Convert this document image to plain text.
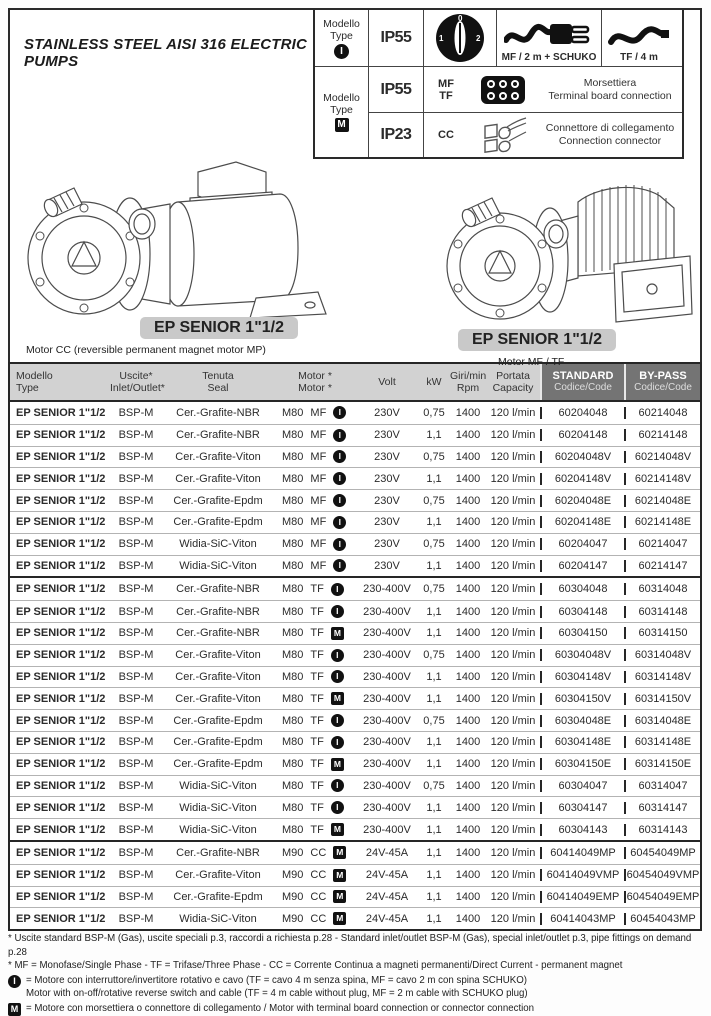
STAINLESS STEEL AISI 316 ELECTRIC PUMPS
Modello
Type
I
IP55
0
1	2
MF / 2 m + SCHUKO TF / 4 m
Modello
Type
M
IP55	MF
TF
Morsettiera
Terminal board connection
IP23	CC
Connettore di collegamento
Connection connector
EP SENIOR 1"1/2
Motor CC (reversible permanent magnet motor MP)
EP SENIOR 1"1/2
Motor MF / TF
Modello
Type
Uscite*
Inlet/Outlet*
Tenuta
Seal
Motor *
Motor *	Volt	kW Giri/min
Rpm
Portata
Capacity
STANDARD
Codice/Code
BY-PASS
Codice/Code
EP SENIOR 1"1/2	BSP-M	Cer.-Grafite-NBR	M80 MF	I	230V	0,75	1400 120 l/min	60204048	60214048
EP SENIOR 1"1/2	BSP-M	Cer.-Grafite-NBR	M80 MF	I	230V	1,1	1400 120 l/min	60204148	60214148
EP SENIOR 1"1/2	BSP-M	Cer.-Grafite-Viton	M80 MF	I	230V	0,75	1400 120 l/min	60204048V	60214048V
EP SENIOR 1"1/2	BSP-M	Cer.-Grafite-Viton	M80 MF	I	230V	1,1	1400 120 l/min	60204148V	60214148V
EP SENIOR 1"1/2	BSP-M	Cer.-Grafite-Epdm	M80 MF	I	230V	0,75	1400 120 l/min	60204048E	60214048E
EP SENIOR 1"1/2	BSP-M	Cer.-Grafite-Epdm	M80 MF	I	230V	1,1	1400 120 l/min	60204148E	60214148E
EP SENIOR 1"1/2	BSP-M	Widia-SiC-Viton	M80 MF	I	230V	0,75	1400 120 l/min	60204047	60214047
EP SENIOR 1"1/2	BSP-M	Widia-SiC-Viton	M80 MF	I	230V	1,1	1400 120 l/min	60204147	60214147
EP SENIOR 1"1/2	BSP-M	Cer.-Grafite-NBR	M80 TF	I	230-400V	0,75	1400 120 l/min	60304048	60314048
EP SENIOR 1"1/2	BSP-M	Cer.-Grafite-NBR	M80 TF	I	230-400V	1,1	1400 120 l/min	60304148	60314148
EP SENIOR 1"1/2	BSP-M	Cer.-Grafite-NBR	M80 TF	M	230-400V	1,1	1400 120 l/min	60304150	60314150
EP SENIOR 1"1/2	BSP-M	Cer.-Grafite-Viton	M80 TF	I	230-400V	0,75	1400 120 l/min	60304048V	60314048V
EP SENIOR 1"1/2	BSP-M	Cer.-Grafite-Viton	M80 TF	I	230-400V	1,1	1400 120 l/min	60304148V	60314148V
EP SENIOR 1"1/2	BSP-M	Cer.-Grafite-Viton	M80 TF	M	230-400V	1,1	1400 120 l/min	60304150V	60314150V
EP SENIOR 1"1/2	BSP-M	Cer.-Grafite-Epdm	M80 TF	I	230-400V	0,75	1400 120 l/min	60304048E	60314048E
EP SENIOR 1"1/2	BSP-M	Cer.-Grafite-Epdm	M80 TF	I	230-400V	1,1	1400 120 l/min	60304148E	60314148E
EP SENIOR 1"1/2	BSP-M	Cer.-Grafite-Epdm	M80 TF	M	230-400V	1,1	1400 120 l/min	60304150E	60314150E
EP SENIOR 1"1/2	BSP-M	Widia-SiC-Viton	M80 TF	I	230-400V	0,75	1400 120 l/min	60304047	60314047
EP SENIOR 1"1/2	BSP-M	Widia-SiC-Viton	M80 TF	I	230-400V	1,1	1400 120 l/min	60304147	60314147
EP SENIOR 1"1/2	BSP-M	Widia-SiC-Viton	M80 TF	M	230-400V	1,1	1400 120 l/min	60304143	60314143
EP SENIOR 1"1/2	BSP-M	Cer.-Grafite-NBR	M90 CC	M	24V-45A	1,1	1400 120 l/min	60414049MP	60454049MP
EP SENIOR 1"1/2	BSP-M	Cer.-Grafite-Viton	M90 CC	M	24V-45A	1,1	1400 120 l/min	60414049VMP 60454049VMP
EP SENIOR 1"1/2	BSP-M	Cer.-Grafite-Epdm	M90 CC	M	24V-45A	1,1	1400 120 l/min	60414049EMP 60454049EMP
EP SENIOR 1"1/2	BSP-M	Widia-SiC-Viton	M90 CC	M	24V-45A	1,1	1400 120 l/min	60414043MP	60454043MP
* Uscite standard BSP-M (Gas), uscite speciali p.3, raccordi a richiesta p.28 - Standard inlet/outlet BSP-M (Gas), special inlet/outlet p.3, pipe fittings on demand p.28
* MF = Monofase/Single Phase - TF = Trifase/Three Phase - CC = Corrente Continua a magneti permanenti/Direct Current - permanent magnet
I	= Motore con interruttore/invertitore rotativo e cavo (TF = cavo 4 m senza spina, MF = cavo 2 m con spina SCHUKO)
Motor with on-off/rotative reverse switch and cable (TF = 4 m cable without plug, MF = 2 m cable with SCHUKO plug)
M = Motore con morsettiera o connettore di collegamento / Motor with terminal board connection or connector connection
